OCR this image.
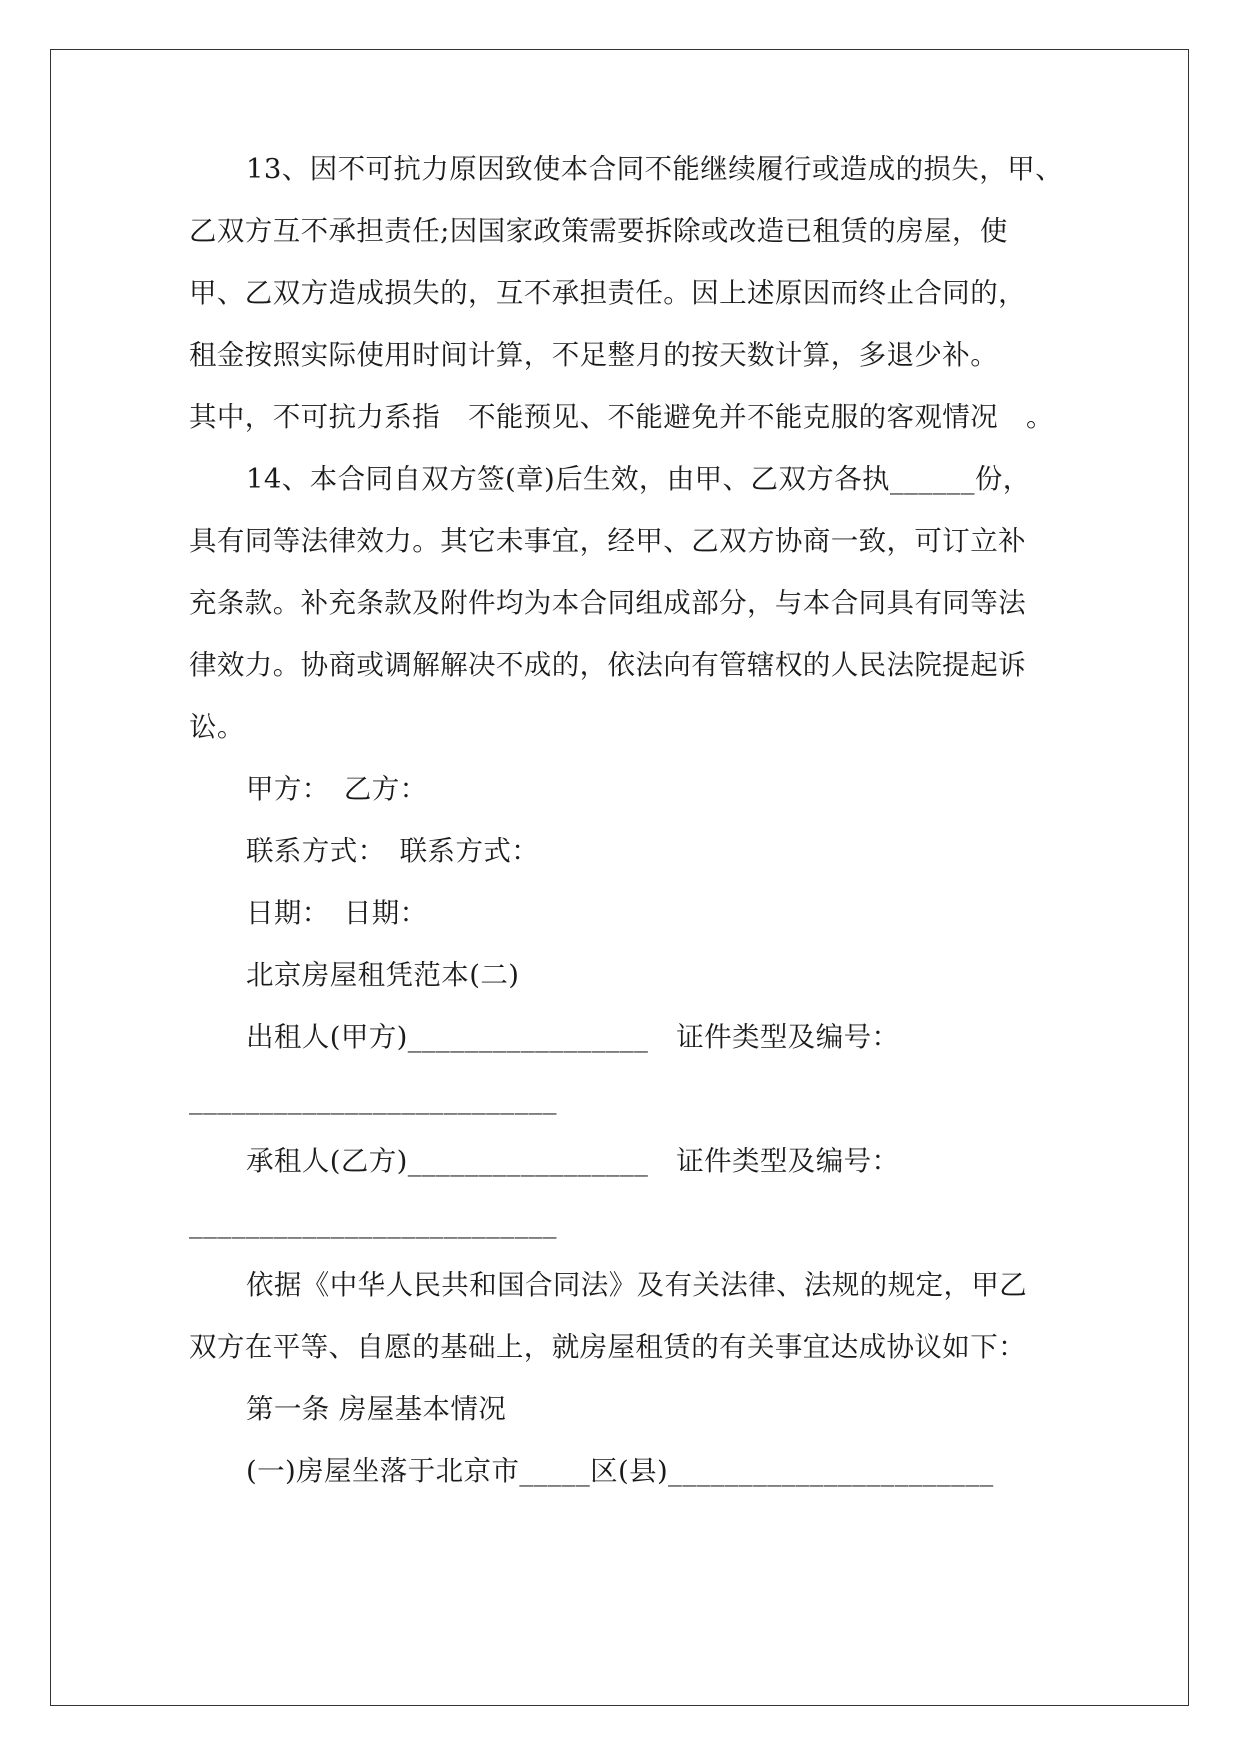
13、因不可抗力原因致使本合同不能继续履行或造成的损失，甲、
乙双方互不承担责任;因国家政策需要拆除或改造已租赁的房屋，使
甲、乙双方造成损失的，互不承担责任。因上述原因而终止合同的，
租金按照实际使用时间计算，不足整月的按天数计算，多退少补。
其中，不可抗力系指　不能预见、不能避免并不能克服的客观情况　。
14、本合同自双方签(章)后生效，由甲、乙双方各执______份，
具有同等法律效力。其它未事宜，经甲、乙双方协商一致，可订立补
充条款。补充条款及附件均为本合同组成部分，与本合同具有同等法
律效力。协商或调解解决不成的，依法向有管辖权的人民法院提起诉
讼。
甲方：　乙方：
联系方式：　联系方式：
日期：　日期：
北京房屋租凭范本(二)
出租人(甲方)_________________　证件类型及编号：
__________________________
承租人(乙方)_________________　证件类型及编号：
__________________________
依据《中华人民共和国合同法》及有关法律、法规的规定，甲乙
双方在平等、自愿的基础上，就房屋租赁的有关事宜达成协议如下：
第一条 房屋基本情况
(一)房屋坐落于北京市_____区(县)_______________________
